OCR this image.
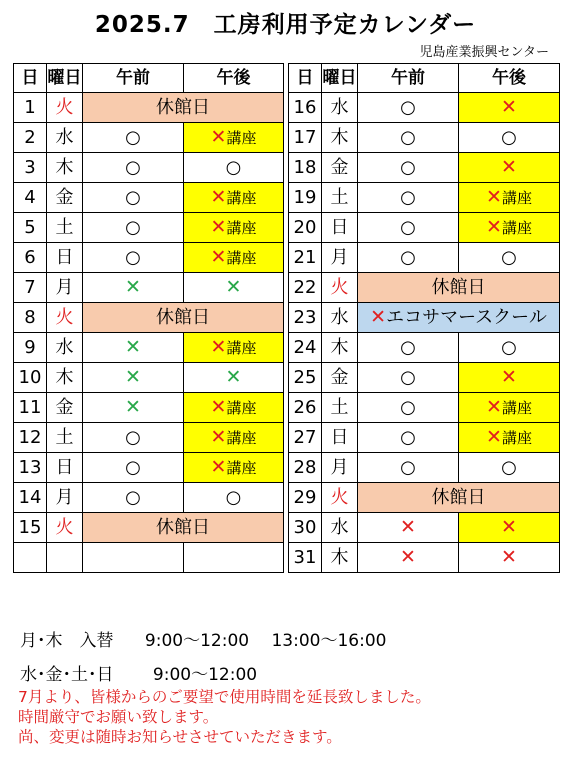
2025.7　工房利用予定カレンダー
児島産業振興センター
日	曜日	午前	午後		日	曜日	午前	午後
1	火	休館日			16	水	○	✕
2	水	○	✕講座		17	木	○	○
3	木	○	○		18	金	○	✕
4	金	○	✕講座		19	土	○	✕講座
5	土	○	✕講座		20	日	○	✕講座
6	日	○	✕講座		21	月	○	○
7	月	✕	✕		22	火	休館日	
8	火	休館日			23	水	✕エコサマースクール	
9	水	✕	✕講座		24	木	○	○
10	木	✕	✕		25	金	○	✕
11	金	✕	✕講座		26	土	○	✕講座
12	土	○	✕講座		27	日	○	✕講座
13	日	○	✕講座		28	月	○	○
14	月	○	○		29	火	休館日	
15	火	休館日			30	水	✕	✕
					31	木	✕	✕
月･木　入替 9:00～12:00　 13:00～16:00
水･金･土･日 9:00～12:00
7月より、皆様からのご要望で使用時間を延長致しました。
時間厳守でお願い致します。
尚、変更は随時お知らせさせていただきます。
